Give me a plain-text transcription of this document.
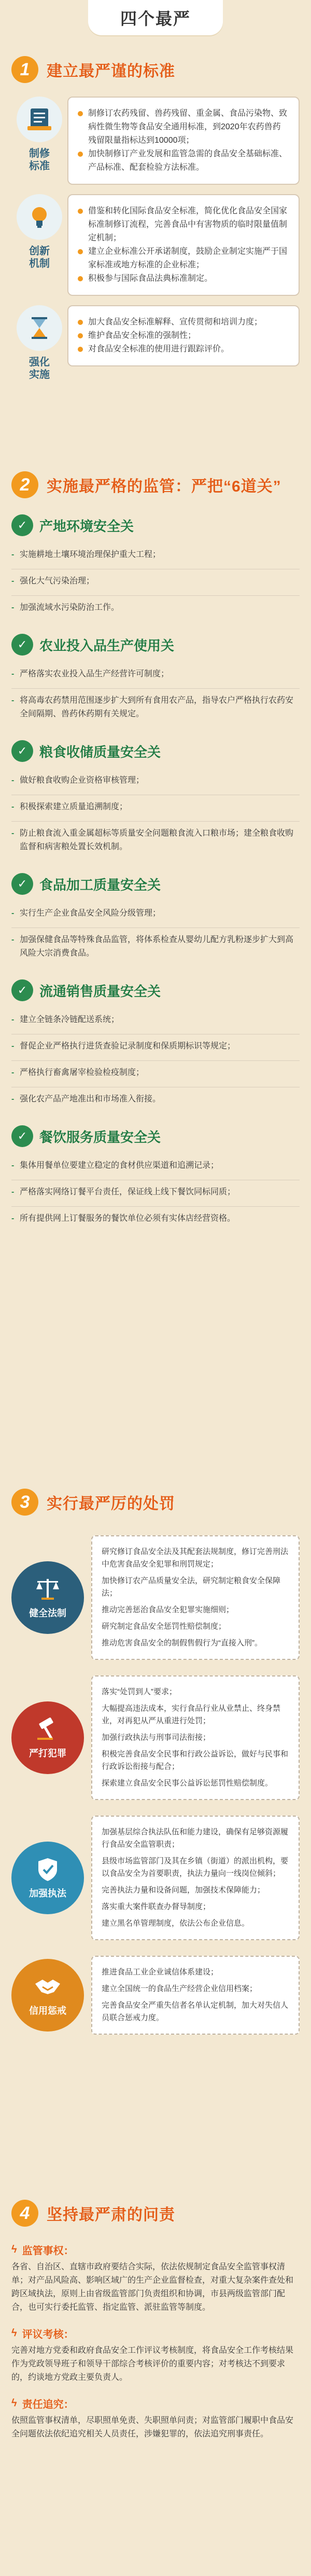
四个最严
1	建立最严谨的标准
制修
标准

制修订农药残留、兽药残留、重金属、食品污染物、致病性微生物等食品安全通用标准，到2020年农药兽药残留限量指标达到10000项；

加快制修订产业发展和监管急需的食品安全基础标准、产品标准、配套检验方法标准。

创新
机制

借鉴和转化国际食品安全标准，简化优化食品安全国家标准制修订流程，完善食品中有害物质的临时限量值制定机制；

建立企业标准公开承诺制度，鼓励企业制定实施严于国家标准或地方标准的企业标准；

积极参与国际食品法典标准制定。

强化
实施

加大食品安全标准解释、宣传贯彻和培训力度；

维护食品安全标准的强制性；

对食品安全标准的使用进行跟踪评价。

2	实施最严格的监管：严把“6道关”
✓ 产地环境安全关
- 实施耕地土壤环境治理保护重大工程；
- 强化大气污染治理；
- 加强流域水污染防治工作。
✓ 农业投入品生产使用关
- 严格落实农业投入品生产经营许可制度；
- 将高毒农药禁用范围逐步扩大到所有食用农产品，指导农户严格执行农药安全间隔期、兽药休药期有关规定。
✓ 粮食收储质量安全关
- 做好粮食收购企业资格审核管理；
- 积极探索建立质量追溯制度；
- 防止粮食流入重金属超标等质量安全问题粮食流入口粮市场；建全粮食收购监督和病害粮处置长效机制。
✓ 食品加工质量安全关
- 实行生产企业食品安全风险分级管理；
- 加强保健食品等特殊食品监管，将体系检查从婴幼儿配方乳粉逐步扩大到高风险大宗消费食品。
✓ 流通销售质量安全关
- 建立全链条冷链配送系统；
- 督促企业严格执行进货查验记录制度和保质期标识等规定；
- 严格执行畜禽屠宰检验检疫制度；
- 强化农产品产地准出和市场准入衔接。
✓ 餐饮服务质量安全关
- 集体用餐单位要建立稳定的食材供应渠道和追溯记录；
- 严格落实网络订餐平台责任，保证线上线下餐饮同标同质；
- 所有提供网上订餐服务的餐饮单位必须有实体店经营资格。
3	实行最严厉的处罚
健全法制

研究修订食品安全法及其配套法规制度，修订完善刑法中危害食品安全犯罪和刑罚规定；

加快修订农产品质量安全法，研究制定粮食安全保障法；

推动完善惩治食品安全犯罪实施细则；

研究制定食品安全惩罚性赔偿制度；

推动危害食品安全的制假售假行为“直接入刑”。

严打犯罪

落实“处罚到人”要求；

大幅提高违法成本，实行食品行业从业禁止、终身禁业，对再犯从严从重进行处罚；

加强行政执法与刑事司法衔接；

积极完善食品安全民事和行政公益诉讼，做好与民事和行政诉讼衔接与配合；

探索建立食品安全民事公益诉讼惩罚性赔偿制度。

加强执法

加强基层综合执法队伍和能力建设，确保有足够资源履行食品安全监管职责；

县级市场监管部门及其在乡镇（街道）的派出机构，要以食品安全为首要职责，执法力量向一线岗位倾斜；

完善执法力量和设备问题，加强技术保障能力；

落实重大案件联查办督导制度；

建立黑名单管理制度，依法公布企业信息。

信用惩戒

推进食品工业企业诚信体系建设；

建立全国统一的食品生产经营企业信用档案；

完善食品安全严重失信者名单认定机制，加大对失信人员联合惩戒力度。

4	坚持最严肃的问责
ϟ 监管事权：
各省、自治区、直辖市政府要结合实际，依法依规制定食品安全监管事权清单；对产品风险高、影响区域广的生产企业监督检查，对重大复杂案件查处和跨区域执法，原则上由省级监管部门负责组织和协调，市县两级监管部门配合，也可实行委托监管、指定监管、派驻监管等制度。
ϟ 评议考核：
完善对地方党委和政府食品安全工作评议考核制度，将食品安全工作考核结果作为党政领导班子和领导干部综合考核评价的重要内容；对考核达不到要求的，约谈地方党政主要负责人。
ϟ 责任追究：
依照监管事权清单，尽职照单免责、失职照单问责；对监管部门履职中食品安全问题依法依纪追究相关人员责任，涉嫌犯罪的，依法追究刑事责任。
